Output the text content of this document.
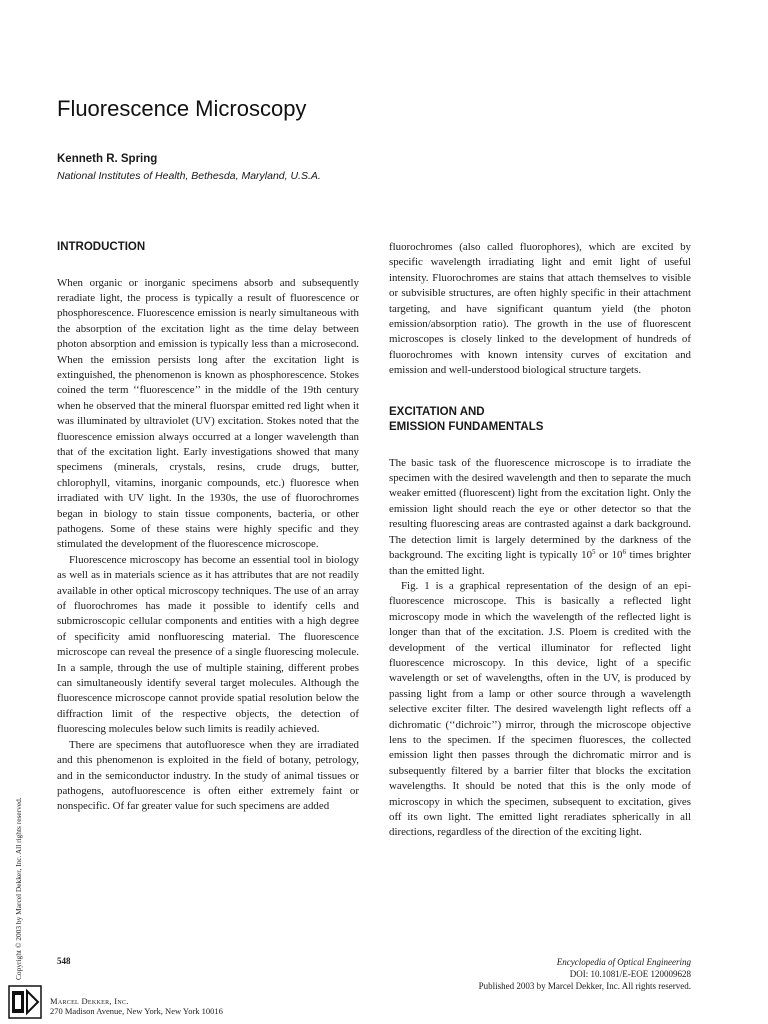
Fluorescence Microscopy
Kenneth R. Spring
National Institutes of Health, Bethesda, Maryland, U.S.A.
INTRODUCTION

When organic or inorganic specimens absorb and subsequently reradiate light, the process is typically a result of fluorescence or phosphorescence. Fluorescence emission is nearly simultaneous with the absorption of the excitation light as the time delay between photon absorption and emission is typically less than a microsecond. When the emission persists long after the excitation light is extinguished, the phenomenon is known as phosphorescence. Stokes coined the term ‘‘fluorescence’’ in the middle of the 19th century when he observed that the mineral fluorspar emitted red light when it was illuminated by ultraviolet (UV) excitation. Stokes noted that the fluorescence emission always occurred at a longer wavelength than that of the excitation light. Early investigations showed that many specimens (minerals, crystals, resins, crude drugs, butter, chlorophyll, vitamins, inorganic compounds, etc.) fluoresce when irradiated with UV light. In the 1930s, the use of fluorochromes began in biology to stain tissue components, bacteria, or other pathogens. Some of these stains were highly specific and they stimulated the development of the fluorescence microscope.

Fluorescence microscopy has become an essential tool in biology as well as in materials science as it has attributes that are not readily available in other optical microscopy techniques. The use of an array of fluorochromes has made it possible to identify cells and submicroscopic cellular components and entities with a high degree of specificity amid nonfluorescing material. The fluorescence microscope can reveal the presence of a single fluorescing molecule. In a sample, through the use of multiple staining, different probes can simultaneously identify several target molecules. Although the fluorescence microscope cannot provide spatial resolution below the diffraction limit of the respective objects, the detection of fluorescing molecules below such limits is readily achieved.

There are specimens that autofluoresce when they are irradiated and this phenomenon is exploited in the field of botany, petrology, and in the semiconductor industry. In the study of animal tissues or pathogens, autofluorescence is often either extremely faint or nonspecific. Of far greater value for such specimens are added

fluorochromes (also called fluorophores), which are excited by specific wavelength irradiating light and emit light of useful intensity. Fluorochromes are stains that attach themselves to visible or subvisible structures, are often highly specific in their attachment targeting, and have significant quantum yield (the photon emission/absorption ratio). The growth in the use of fluorescent microscopes is closely linked to the development of hundreds of fluorochromes with known intensity curves of excitation and emission and well-understood biological structure targets.

EXCITATION AND
EMISSION FUNDAMENTALS

The basic task of the fluorescence microscope is to irradiate the specimen with the desired wavelength and then to separate the much weaker emitted (fluorescent) light from the excitation light. Only the emission light should reach the eye or other detector so that the resulting fluorescing areas are contrasted against a dark background. The detection limit is largely determined by the darkness of the background. The exciting light is typically $10^5$ or $10^6$ times brighter than the emitted light.

Fig. 1 is a graphical representation of the design of an epi-fluorescence microscope. This is basically a reflected light microscopy mode in which the wavelength of the reflected light is longer than that of the excitation. J.S. Ploem is credited with the development of the vertical illuminator for reflected light fluorescence microscopy. In this device, light of a specific wavelength or set of wavelengths, often in the UV, is produced by passing light from a lamp or other source through a wavelength selective exciter filter. The desired wavelength light reflects off a dichromatic (‘‘dichroic’’) mirror, through the microscope objective lens to the specimen. If the specimen fluoresces, the collected emission light then passes through the dichromatic mirror and is subsequently filtered by a barrier filter that blocks the excitation wavelengths. It should be noted that this is the only mode of microscopy in which the specimen, subsequent to excitation, gives off its own light. The emitted light reradiates spherically in all directions, regardless of the direction of the exciting light.

Copyright © 2003 by Marcel Dekker, Inc. All rights reserved.	548	Encyclopedia of Optical Engineering
DOI: 10.1081/E-EOE 120009628
Published 2003 by Marcel Dekker, Inc. All rights reserved.
Marcel Dekker, Inc.
270 Madison Avenue, New York, New York 10016
